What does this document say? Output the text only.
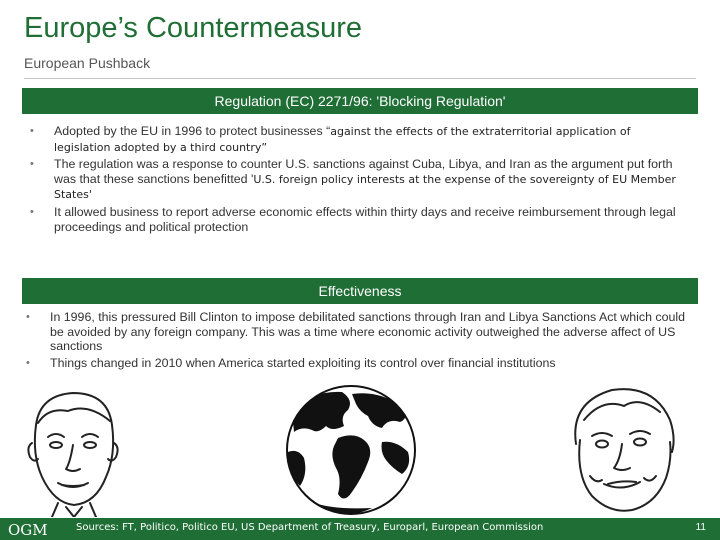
Europe’s Countermeasure
European Pushback
Regulation (EC) 2271/96: 'Blocking Regulation'
• Adopted by the EU in 1996 to protect businesses “against the effects of the extraterritorial application of legislation adopted by a third country”
• The regulation was a response to counter U.S. sanctions against Cuba, Libya, and Iran as the argument put forth was that these sanctions benefitted 'U.S. foreign policy interests at the expense of the sovereignty of EU Member States'
• It allowed business to report adverse economic effects within thirty days and receive reimbursement through legal proceedings and political protection
Effectiveness
• In 1996, this pressured Bill Clinton to impose debilitated sanctions through Iran and Libya Sanctions Act which could be avoided by any foreign company. This was a time where economic activity outweighed the adverse affect of US sanctions
• Things changed in 2010 when America started exploiting its control over financial institutions
OGM	Sources: FT, Politico, Politico EU, US Department of Treasury, Europarl, European Commission	11
